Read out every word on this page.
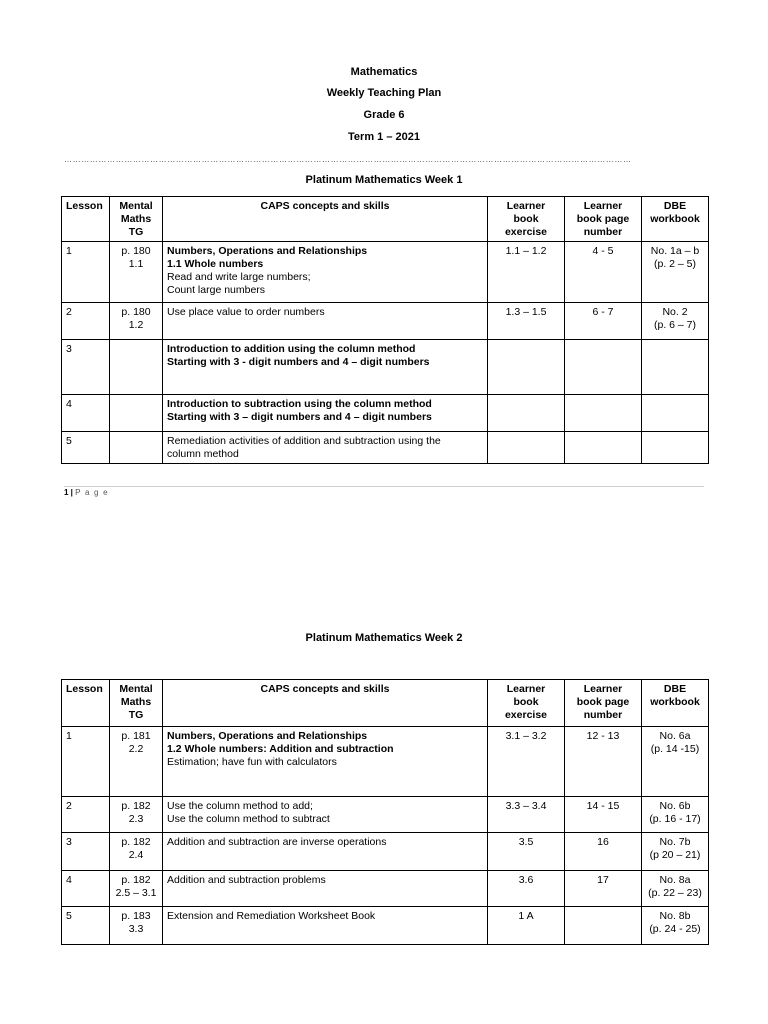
Mathematics
Weekly Teaching Plan
Grade 6
Term 1 – 2021
………………………………………………………………………………………………………………………………………………………………………………
Platinum Mathematics Week 1
Lesson	Mental
Maths
TG	CAPS concepts and skills	Learner
book
exercise	Learner
book page
number	DBE
workbook

1	p. 180
1.1	Numbers, Operations and Relationships
1.1 Whole numbers
Read and write large numbers;
Count large numbers	1.1 – 1.2	4 - 5	No. 1a – b
(p. 2 – 5)

2	p. 180
1.2	Use place value to order numbers	1.3 – 1.5	6 - 7	No. 2
(p. 6 – 7)

3		Introduction to addition using the column method
Starting with 3 - digit numbers and 4 – digit numbers			

4		Introduction to subtraction using the column method
Starting with 3 – digit numbers and 4 – digit numbers			

5		Remediation activities of addition and subtraction using the
column method			

1 | P a g e
Platinum Mathematics Week 2
Lesson	Mental
Maths
TG	CAPS concepts and skills	Learner
book
exercise	Learner
book page
number	DBE
workbook

1	p. 181
2.2	Numbers, Operations and Relationships
1.2 Whole numbers: Addition and subtraction
Estimation; have fun with calculators	3.1 – 3.2	12 - 13	No. 6a
(p. 14 -15)

2	p. 182
2.3	Use the column method to add;
Use the column method to subtract	3.3 – 3.4	14 - 15	No. 6b
(p. 16 - 17)

3	p. 182
2.4	Addition and subtraction are inverse operations	3.5	16	No. 7b
(p 20 – 21)

4	p. 182
2.5 – 3.1	Addition and subtraction problems	3.6	17	No. 8a
(p. 22 – 23)

5	p. 183
3.3	Extension and Remediation Worksheet Book	1 A		No. 8b
(p. 24 - 25)
